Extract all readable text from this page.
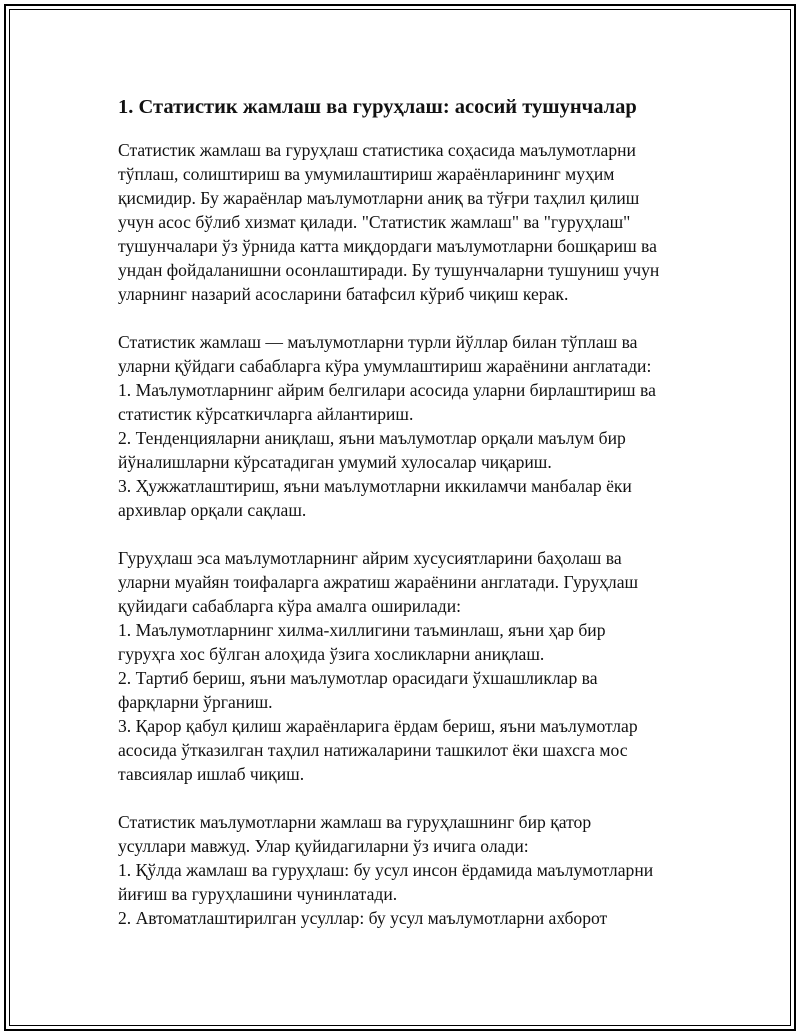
1. Статистик жамлаш ва гуруҳлаш: асосий тушунчалар
Статистик жамлаш ва гуруҳлаш статистика соҳасида маълумотларни
тўплаш, солиштириш ва умумилаштириш жараёнларининг муҳим
қисмидир. Бу жараёнлар маълумотларни аниқ ва тўғри таҳлил қилиш
учун асос бўлиб хизмат қилади. "Статистик жамлаш" ва "гуруҳлаш"
тушунчалари ўз ўрнида катта миқдордаги маълумотларни бошқариш ва
ундан фойдаланишни осонлаштиради. Бу тушунчаларни тушуниш учун
уларнинг назарий асосларини батафсил кўриб чиқиш керак.
Статистик жамлаш — маълумотларни турли йўллар билан тўплаш ва
уларни қўйдаги сабабларга кўра умумлаштириш жараёнини англатади:
1. Маълумотларнинг айрим белгилари асосида уларни бирлаштириш ва
статистик кўрсаткичларга айлантириш.
2. Тенденцияларни аниқлаш, яъни маълумотлар орқали маълум бир
йўналишларни кўрсатадиган умумий хулосалар чиқариш.
3. Ҳужжатлаштириш, яъни маълумотларни иккиламчи манбалар ёки
архивлар орқали сақлаш.
Гуруҳлаш эса маълумотларнинг айрим хусусиятларини баҳолаш ва
уларни муайян тоифаларга ажратиш жараёнини англатади. Гуруҳлаш
қуйидаги сабабларга кўра амалга оширилади:
1. Маълумотларнинг хилма-хиллигини таъминлаш, яъни ҳар бир
гуруҳга хос бўлган алоҳида ўзига хосликларни аниқлаш.
2. Тартиб бериш, яъни маълумотлар орасидаги ўхшашликлар ва
фарқларни ўрганиш.
3. Қарор қабул қилиш жараёнларига ёрдам бериш, яъни маълумотлар
асосида ўтказилган таҳлил натижаларини ташкилот ёки шахсга мос
тавсиялар ишлаб чиқиш.
Статистик маълумотларни жамлаш ва гуруҳлашнинг бир қатор
усуллари мавжуд. Улар қуйидагиларни ўз ичига олади:
1. Қўлда жамлаш ва гуруҳлаш: бу усул инсон ёрдамида маълумотларни
йиғиш ва гуруҳлашини чунинлатади.
2. Автоматлаштирилган усуллар: бу усул маълумотларни ахборот
